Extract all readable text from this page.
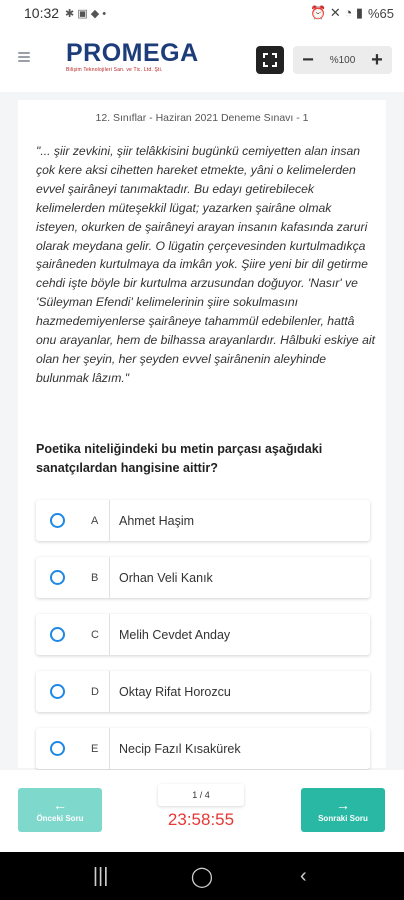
10:32 ✱ ▣ ◆ •	⏰ ✕ ◔ ▮ %65
PROMEGA
Bilişim Teknolojileri San. ve Tic. Ltd. Şti.	−	%100 +
12. Sınıflar - Haziran 2021 Deneme Sınavı - 1
"... şiir zevkini, şiir telâkkisini bugünkü cemiyetten alan insan çok kere aksi cihetten hareket etmekte, yâni o kelimelerden evvel şairâneyi tanımaktadır. Bu edayı getirebilecek kelimelerden müteşekkil lügat; yazarken şairâne olmak isteyen, okurken de şairâneyi arayan insanın kafasında zaruri olarak meydana gelir. O lügatin çerçevesinden kurtulmadıkça şairâneden kurtulmaya da imkân yok. Şiire yeni bir dil getirme cehdi işte böyle bir kurtulma arzusundan doğuyor. 'Nasır' ve 'Süleyman Efendi' kelimelerinin şiire sokulmasını hazmedemiyenlerse şairâneye tahammül edebilenler, hattâ onu arayanlar, hem de bilhassa arayanlardır. Hâlbuki eskiye ait olan her şeyin, her şeyden evvel şairânenin aleyhinde bulunmak lâzım."
Poetika niteliğindeki bu metin parçası aşağıdaki sanatçılardan hangisine aittir?
A Ahmet Haşim
B Orhan Veli Kanık
C Melih Cevdet Anday
D Oktay Rifat Horozcu
E Necip Fazıl Kısakürek
←
Önceki Soru
1 / 4
23:58:55
→
Sonraki Soru
|||	◯	‹
